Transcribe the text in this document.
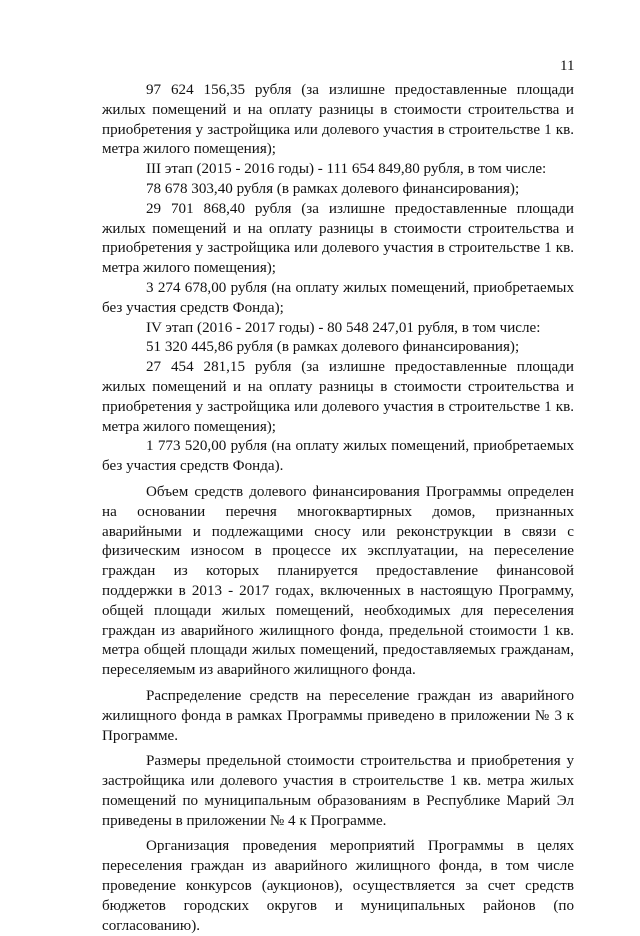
11

97 624 156,35 рубля (за излишне предоставленные площади жилых помещений и на оплату разницы в стоимости строительства и приобретения у застройщика или долевого участия в строительстве 1 кв. метра жилого помещения);

III этап (2015 - 2016 годы) - 111 654 849,80 рубля, в том числе:

78 678 303,40 рубля (в рамках долевого финансирования);

29 701 868,40 рубля (за излишне предоставленные площади жилых помещений и на оплату разницы в стоимости строительства и приобретения у застройщика или долевого участия в строительстве 1 кв. метра жилого помещения);

3 274 678,00 рубля (на оплату жилых помещений, приобретаемых без участия средств Фонда);

IV этап (2016 - 2017 годы) - 80 548 247,01 рубля, в том числе:

51 320 445,86 рубля (в рамках долевого финансирования);

27 454 281,15 рубля (за излишне предоставленные площади жилых помещений и на оплату разницы в стоимости строительства и приобретения у застройщика или долевого участия в строительстве 1 кв. метра жилого помещения);

1 773 520,00 рубля (на оплату жилых помещений, приобретаемых без участия средств Фонда).

Объем средств долевого финансирования Программы определен на основании перечня многоквартирных домов, признанных аварийными и подлежащими сносу или реконструкции в связи с физическим износом в процессе их эксплуатации, на переселение граждан из которых планируется предоставление финансовой поддержки в 2013 - 2017 годах, включенных в настоящую Программу, общей площади жилых помещений, необходимых для переселения граждан из аварийного жилищного фонда, предельной стоимости 1 кв. метра общей площади жилых помещений, предоставляемых гражданам, переселяемым из аварийного жилищного фонда.

Распределение средств на переселение граждан из аварийного жилищного фонда в рамках Программы приведено в приложении № 3 к Программе.

Размеры предельной стоимости строительства и приобретения у застройщика или долевого участия в строительстве 1 кв. метра жилых помещений по муниципальным образованиям в Республике Марий Эл приведены в приложении № 4 к Программе.

Организация проведения мероприятий Программы в целях переселения граждан из аварийного жилищного фонда, в том числе проведение конкурсов (аукционов), осуществляется за счет средств бюджетов городских округов и муниципальных районов (по согласованию).
